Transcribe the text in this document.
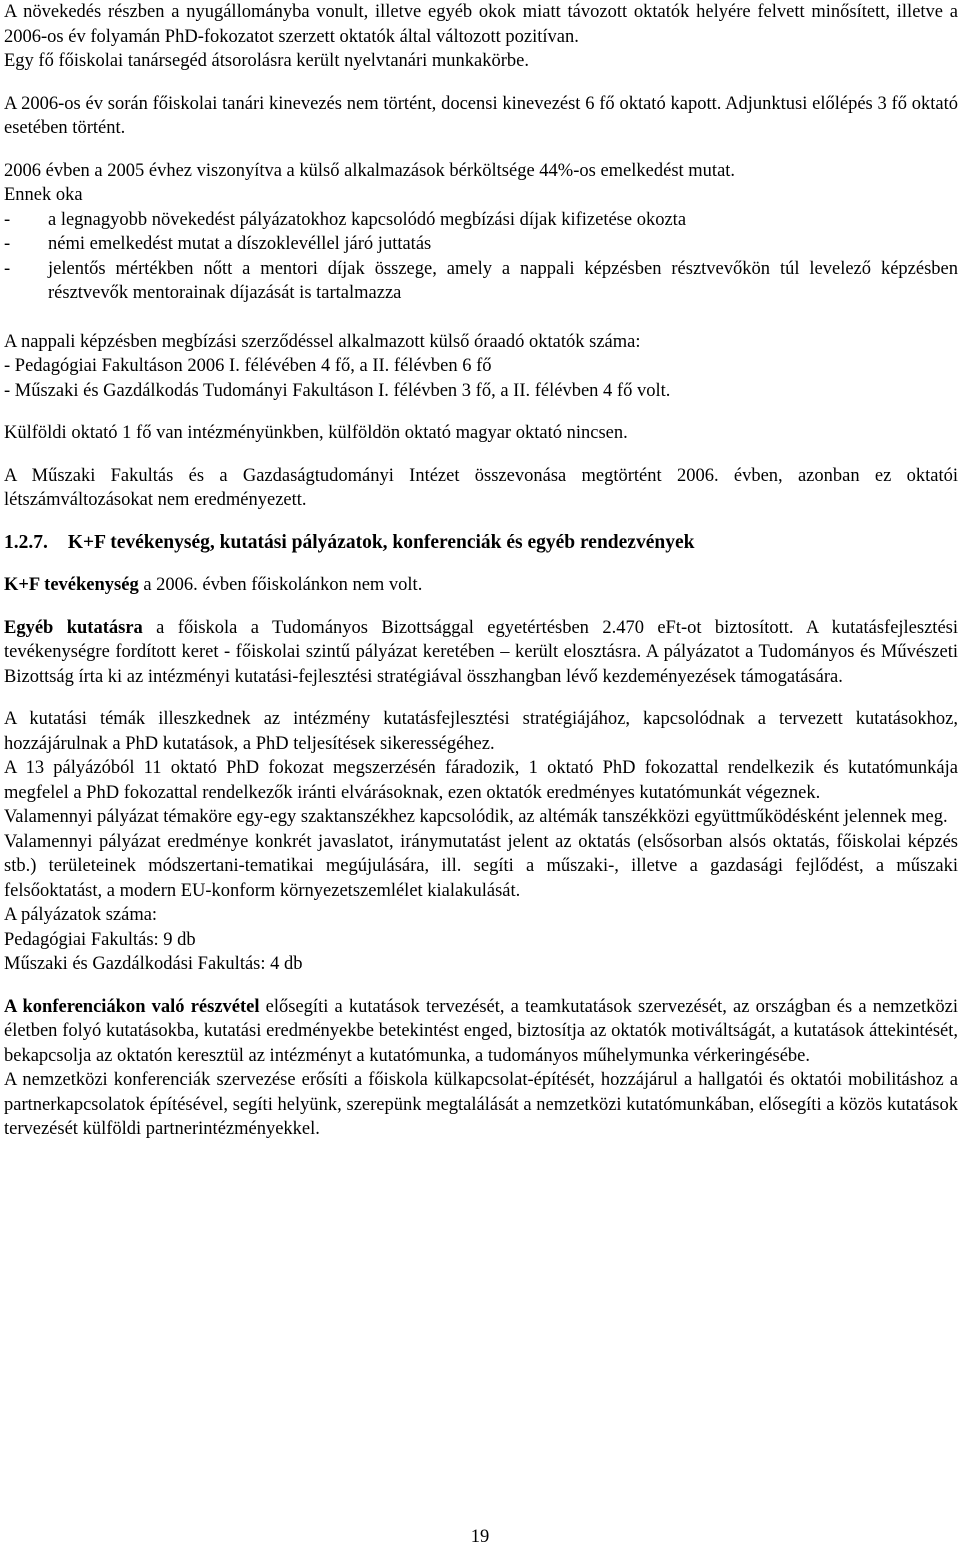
A növekedés részben a nyugállományba vonult, illetve egyéb okok miatt távozott oktatók helyére felvett minősített, illetve a 2006-os év folyamán PhD-fokozatot szerzett oktatók által változott pozitívan.

Egy fő főiskolai tanársegéd átsorolásra került nyelvtanári munkakörbe.

A 2006-os év során főiskolai tanári kinevezés nem történt, docensi kinevezést 6 fő oktató kapott. Adjunktusi előlépés 3 fő oktató esetében történt.

2006 évben a 2005 évhez viszonyítva a külső alkalmazások bérköltsége 44%-os emelkedést mutat.

Ennek oka

- a legnagyobb növekedést pályázatokhoz kapcsolódó megbízási díjak kifizetése okozta
- némi emelkedést mutat a díszoklevéllel járó juttatás
- jelentős mértékben nőtt a mentori díjak összege, amely a nappali képzésben résztvevőkön túl levelező képzésben résztvevők mentorainak díjazását is tartalmazza

A nappali képzésben megbízási szerződéssel alkalmazott külső óraadó oktatók száma:

- Pedagógiai Fakultáson 2006 I. félévében 4 fő, a II. félévben 6 fő

- Műszaki és Gazdálkodás Tudományi Fakultáson I. félévben 3 fő, a II. félévben 4 fő volt.

Külföldi oktató 1 fő van intézményünkben, külföldön oktató magyar oktató nincsen.

A Műszaki Fakultás és a Gazdaságtudományi Intézet összevonása megtörtént 2006. évben, azonban ez oktatói létszámváltozásokat nem eredményezett.

1.2.7. K+F tevékenység, kutatási pályázatok, konferenciák és egyéb rendezvények

K+F tevékenység a 2006. évben főiskolánkon nem volt.

Egyéb kutatásra a főiskola a Tudományos Bizottsággal egyetértésben 2.470 eFt-ot biztosított. A kutatásfejlesztési tevékenységre fordított keret - főiskolai szintű pályázat keretében – került elosztásra. A pályázatot a Tudományos és Művészeti Bizottság írta ki az intézményi kutatási-fejlesztési stratégiával összhangban lévő kezdeményezések támogatására.

A kutatási témák illeszkednek az intézmény kutatásfejlesztési stratégiájához, kapcsolódnak a tervezett kutatásokhoz, hozzájárulnak a PhD kutatások, a PhD teljesítések sikerességéhez.

A 13 pályázóból 11 oktató PhD fokozat megszerzésén fáradozik, 1 oktató PhD fokozattal rendelkezik és kutatómunkája megfelel a PhD fokozattal rendelkezők iránti elvárásoknak, ezen oktatók eredményes kutatómunkát végeznek.

Valamennyi pályázat témaköre egy-egy szaktanszékhez kapcsolódik, az altémák tanszékközi együttműködésként jelennek meg.

Valamennyi pályázat eredménye konkrét javaslatot, iránymutatást jelent az oktatás (elsősorban alsós oktatás, főiskolai képzés stb.) területeinek módszertani-tematikai megújulására, ill. segíti a műszaki-, illetve a gazdasági fejlődést, a műszaki felsőoktatást, a modern EU-konform környezetszemlélet kialakulását.

A pályázatok száma:

Pedagógiai Fakultás: 9 db

Műszaki és Gazdálkodási Fakultás: 4 db

A konferenciákon való részvétel elősegíti a kutatások tervezését, a teamkutatások szervezését, az országban és a nemzetközi életben folyó kutatásokba, kutatási eredményekbe betekintést enged, biztosítja az oktatók motiváltságát, a kutatások áttekintését, bekapcsolja az oktatón keresztül az intézményt a kutatómunka, a tudományos műhelymunka vérkeringésébe.

A nemzetközi konferenciák szervezése erősíti a főiskola külkapcsolat-építését, hozzájárul a hallgatói és oktatói mobilitáshoz a partnerkapcsolatok építésével, segíti helyünk, szerepünk megtalálását a nemzetközi kutatómunkában, elősegíti a közös kutatások tervezését külföldi partnerintézményekkel.

19
